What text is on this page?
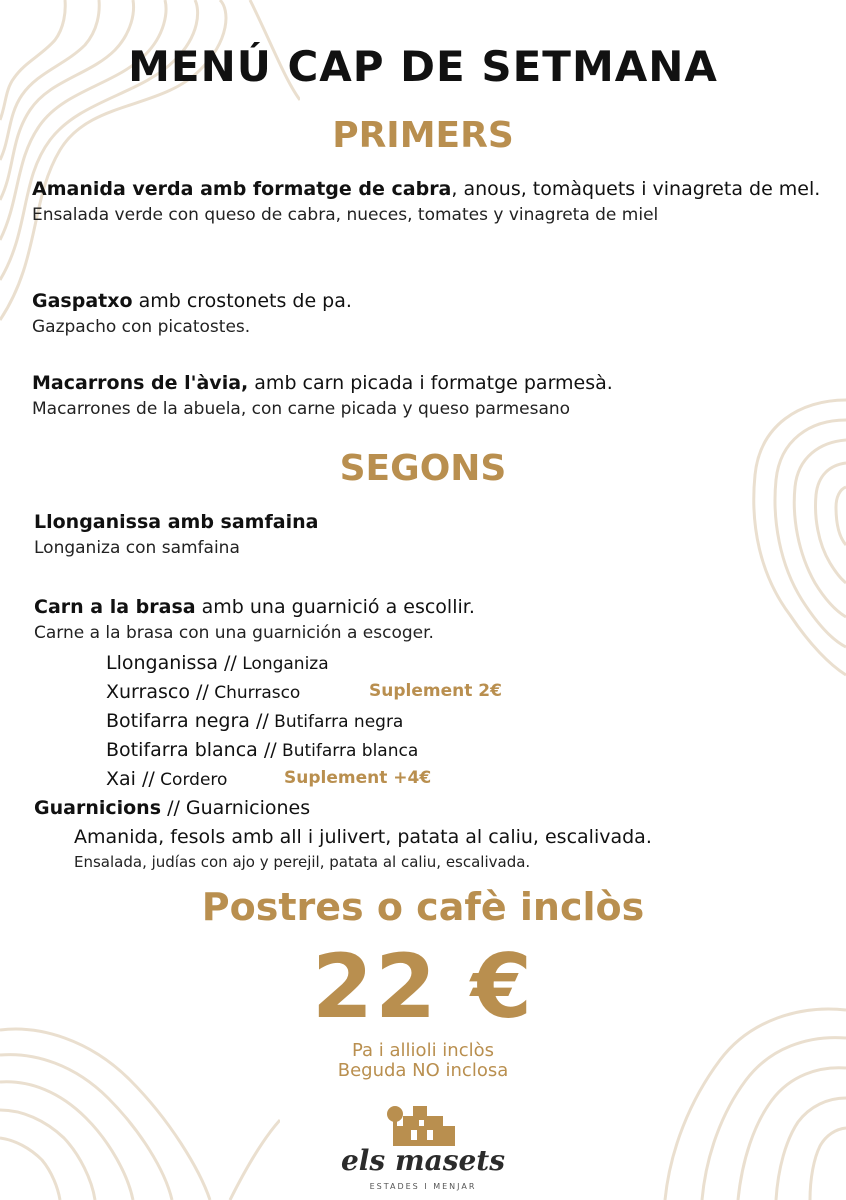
MENÚ CAP DE SETMANA
PRIMERS
Amanida verda amb formatge de cabra, anous, tomàquets i vinagreta de mel.
Ensalada verde con queso de cabra, nueces, tomates y vinagreta de miel
Gaspatxo amb crostonets de pa.
Gazpacho con picatostes.
Macarrons de l'àvia, amb carn picada i formatge parmesà.
Macarrones de la abuela, con carne picada y queso parmesano
SEGONS
Llonganissa amb samfaina
Longaniza con samfaina
Carn a la brasa amb una guarnició a escollir.
Carne a la brasa con una guarnición a escoger.
Llonganissa // Longaniza
Xurrasco // Churrasco	Suplement 2€
Botifarra negra // Butifarra negra
Botifarra blanca // Butifarra blanca
Xai // Cordero	Suplement +4€
Guarnicions // Guarniciones
Amanida, fesols amb all i julivert, patata al caliu, escalivada.
Ensalada, judías con ajo y perejil, patata al caliu, escalivada.
Postres o cafè inclòs
22 €
Pa i allioli inclòs
Beguda NO inclosa
els masets
ESTADES I MENJAR
